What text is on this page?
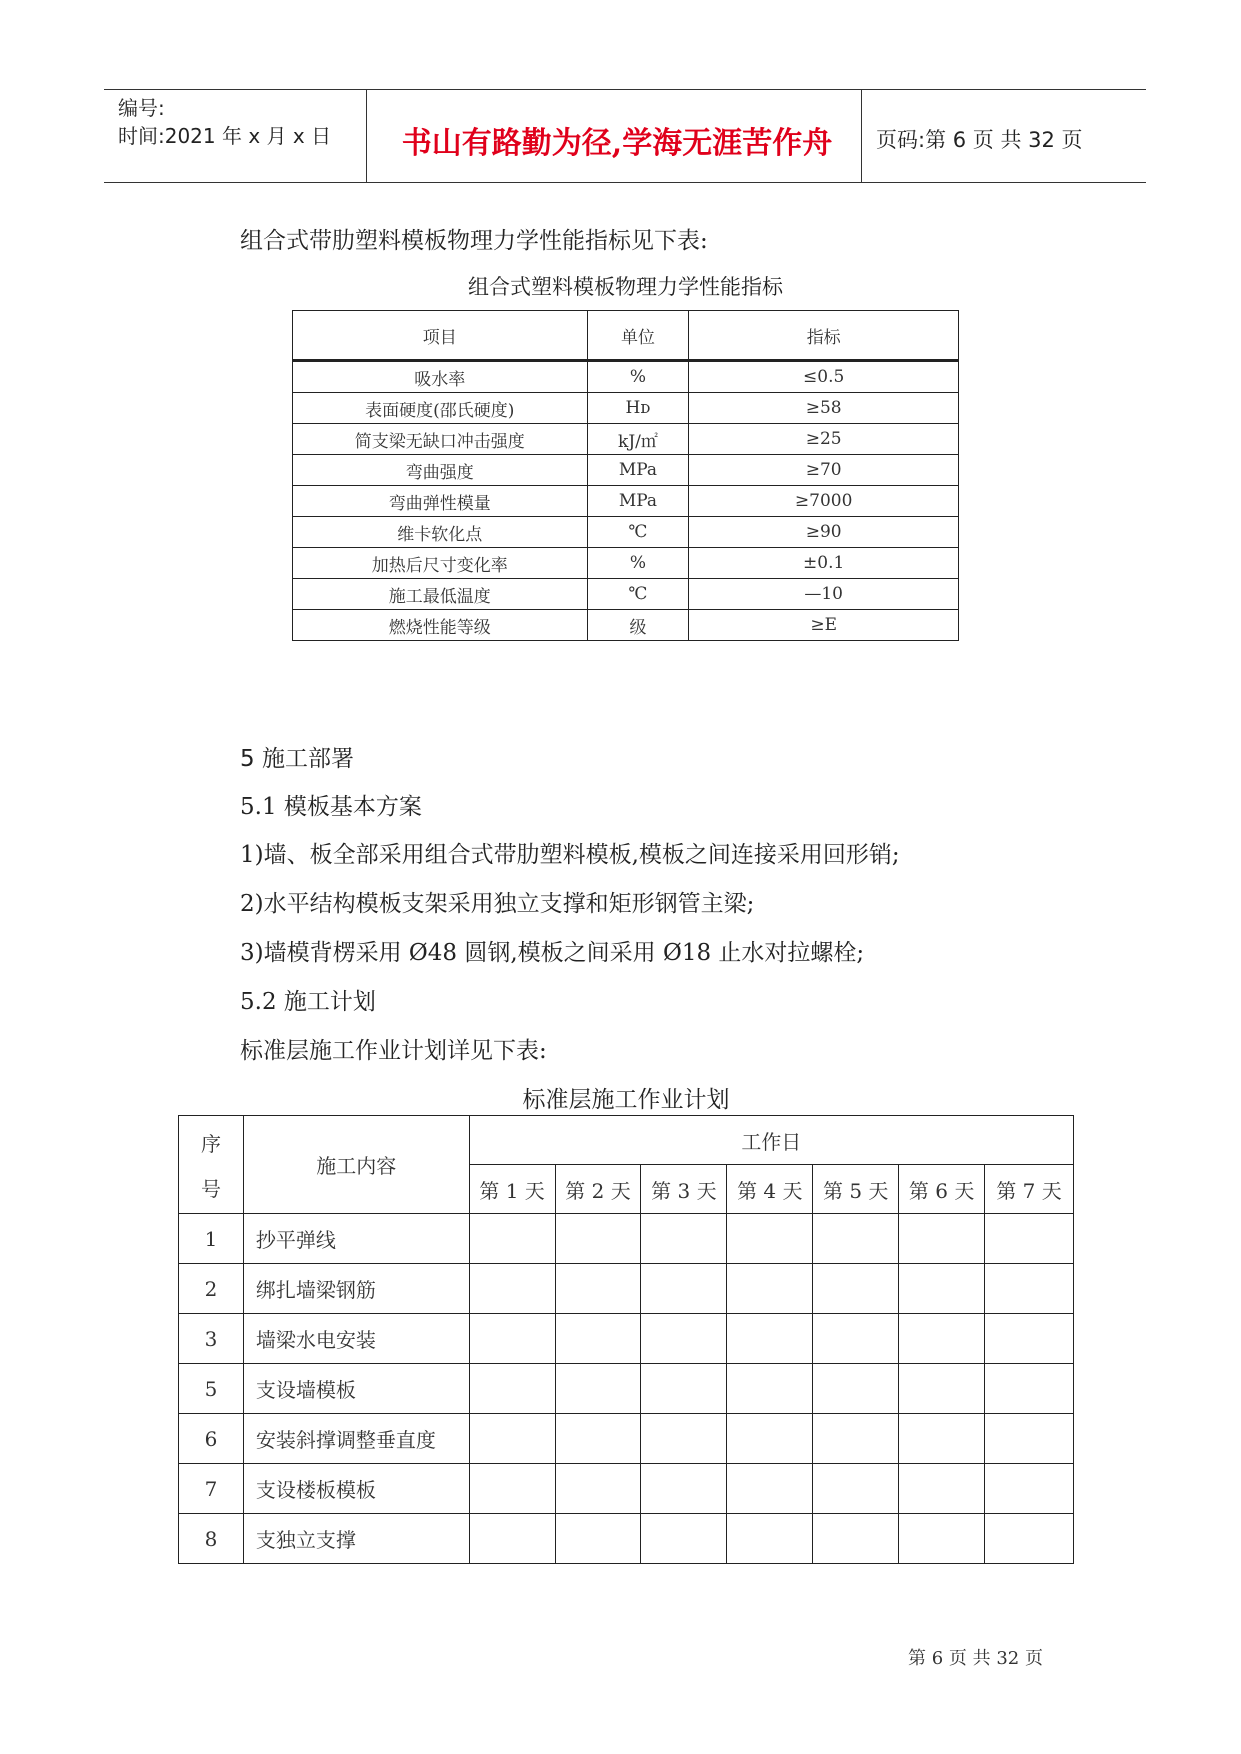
编号:
时间:2021 年 x 月 x 日	书山有路勤为径,学海无涯苦作舟	页码:第 6 页 共 32 页
组合式带肋塑料模板物理力学性能指标见下表:
组合式塑料模板物理力学性能指标
项目	单位	指标
吸水率	%	≤0.5
表面硬度(邵氏硬度)	Hᴅ	≥58
简支梁无缺口冲击强度	kJ/㎡	≥25
弯曲强度	MPa	≥70
弯曲弹性模量	MPa	≥7000
维卡软化点	℃	≥90
加热后尺寸变化率	%	±0.1
施工最低温度	℃	—10
燃烧性能等级	级	≥E
5 施工部署
5.1 模板基本方案
1)墙、板全部采用组合式带肋塑料模板,模板之间连接采用回形销;
2)水平结构模板支架采用独立支撑和矩形钢管主梁;
3)墙模背楞采用 Ø48 圆钢,模板之间采用 Ø18 止水对拉螺栓;
5.2 施工计划
标准层施工作业计划详见下表:
标准层施工作业计划
序
号	施工内容	工作日						
		第 1 天	第 2 天	第 3 天	第 4 天	第 5 天	第 6 天	第 7 天
1	抄平弹线							
2	绑扎墙梁钢筋							
3	墙梁水电安装							
5	支设墙模板							
6	安装斜撑调整垂直度							
7	支设楼板模板							
8	支独立支撑							
第 6 页 共 32 页
